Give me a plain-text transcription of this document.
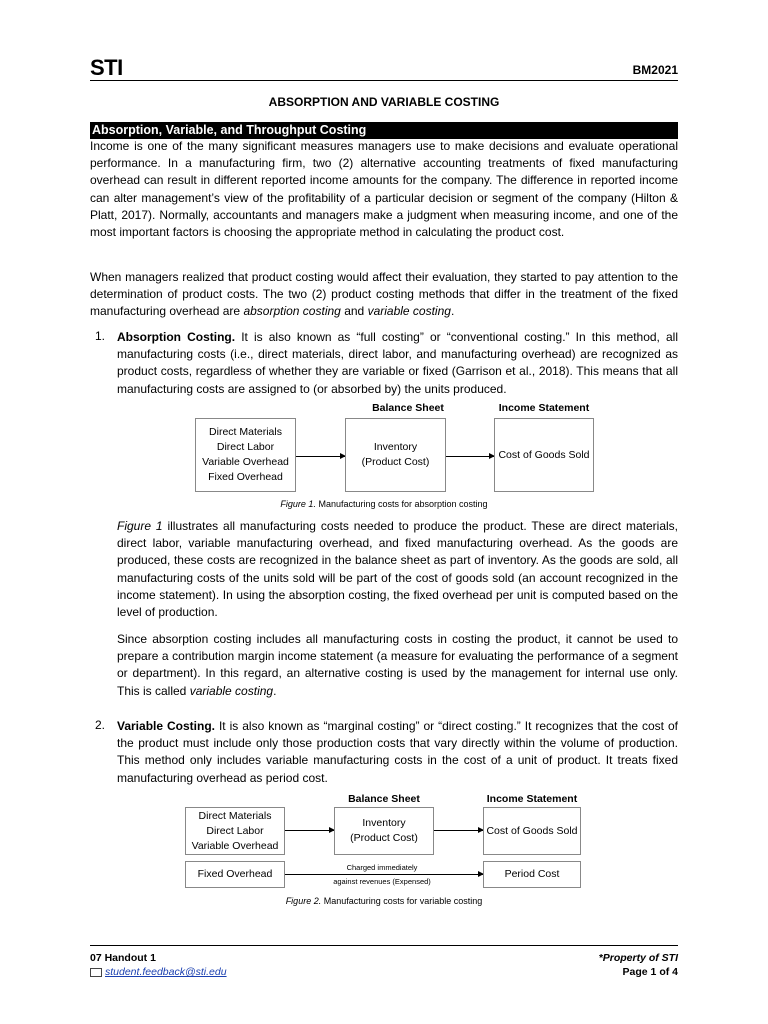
STI	BM2021
ABSORPTION AND VARIABLE COSTING
Absorption, Variable, and Throughput Costing
Income is one of the many significant measures managers use to make decisions and evaluate operational performance. In a manufacturing firm, two (2) alternative accounting treatments of fixed manufacturing overhead can result in different reported income amounts for the company. The difference in reported income can alter management’s view of the profitability of a particular decision or segment of the company (Hilton & Platt, 2017). Normally, accountants and managers make a judgment when measuring income, and one of the most important factors is choosing the appropriate method in calculating the product cost.
When managers realized that product costing would affect their evaluation, they started to pay attention to the determination of product costs. The two (2) product costing methods that differ in the treatment of the fixed manufacturing overhead are absorption costing and variable costing.
1. Absorption Costing. It is also known as “full costing” or “conventional costing.” In this method, all manufacturing costs (i.e., direct materials, direct labor, and manufacturing overhead) are recognized as product costs, regardless of whether they are variable or fixed (Garrison et al., 2018). This means that all manufacturing costs are assigned to (or absorbed by) the units produced.
Balance Sheet	Income Statement
Direct Materials
Direct Labor
Variable Overhead
Fixed Overhead
Inventory
(Product Cost)
Cost of Goods Sold
Figure 1. Manufacturing costs for absorption costing
Figure 1 illustrates all manufacturing costs needed to produce the product. These are direct materials, direct labor, variable manufacturing overhead, and fixed manufacturing overhead. As the goods are produced, these costs are recognized in the balance sheet as part of inventory. As the goods are sold, all manufacturing costs of the units sold will be part of the cost of goods sold (an account recognized in the income statement). In using the absorption costing, the fixed overhead per unit is computed based on the level of production.
Since absorption costing includes all manufacturing costs in costing the product, it cannot be used to prepare a contribution margin income statement (a measure for evaluating the performance of a segment or department). In this regard, an alternative costing is used by the management for internal use only. This is called variable costing.
2. Variable Costing. It is also known as “marginal costing” or “direct costing.” It recognizes that the cost of the product must include only those production costs that vary directly within the volume of production. This method only includes variable manufacturing costs in the cost of a unit of product. It treats fixed manufacturing overhead as period cost.
Balance Sheet	Income Statement
Direct Materials
Direct Labor
Variable Overhead
Inventory
(Product Cost)
Cost of Goods Sold
Fixed Overhead
Charged immediately
against revenues (Expensed)
Period Cost
Figure 2. Manufacturing costs for variable costing
07 Handout 1
student.feedback@sti.edu
*Property of STI
Page 1 of 4
